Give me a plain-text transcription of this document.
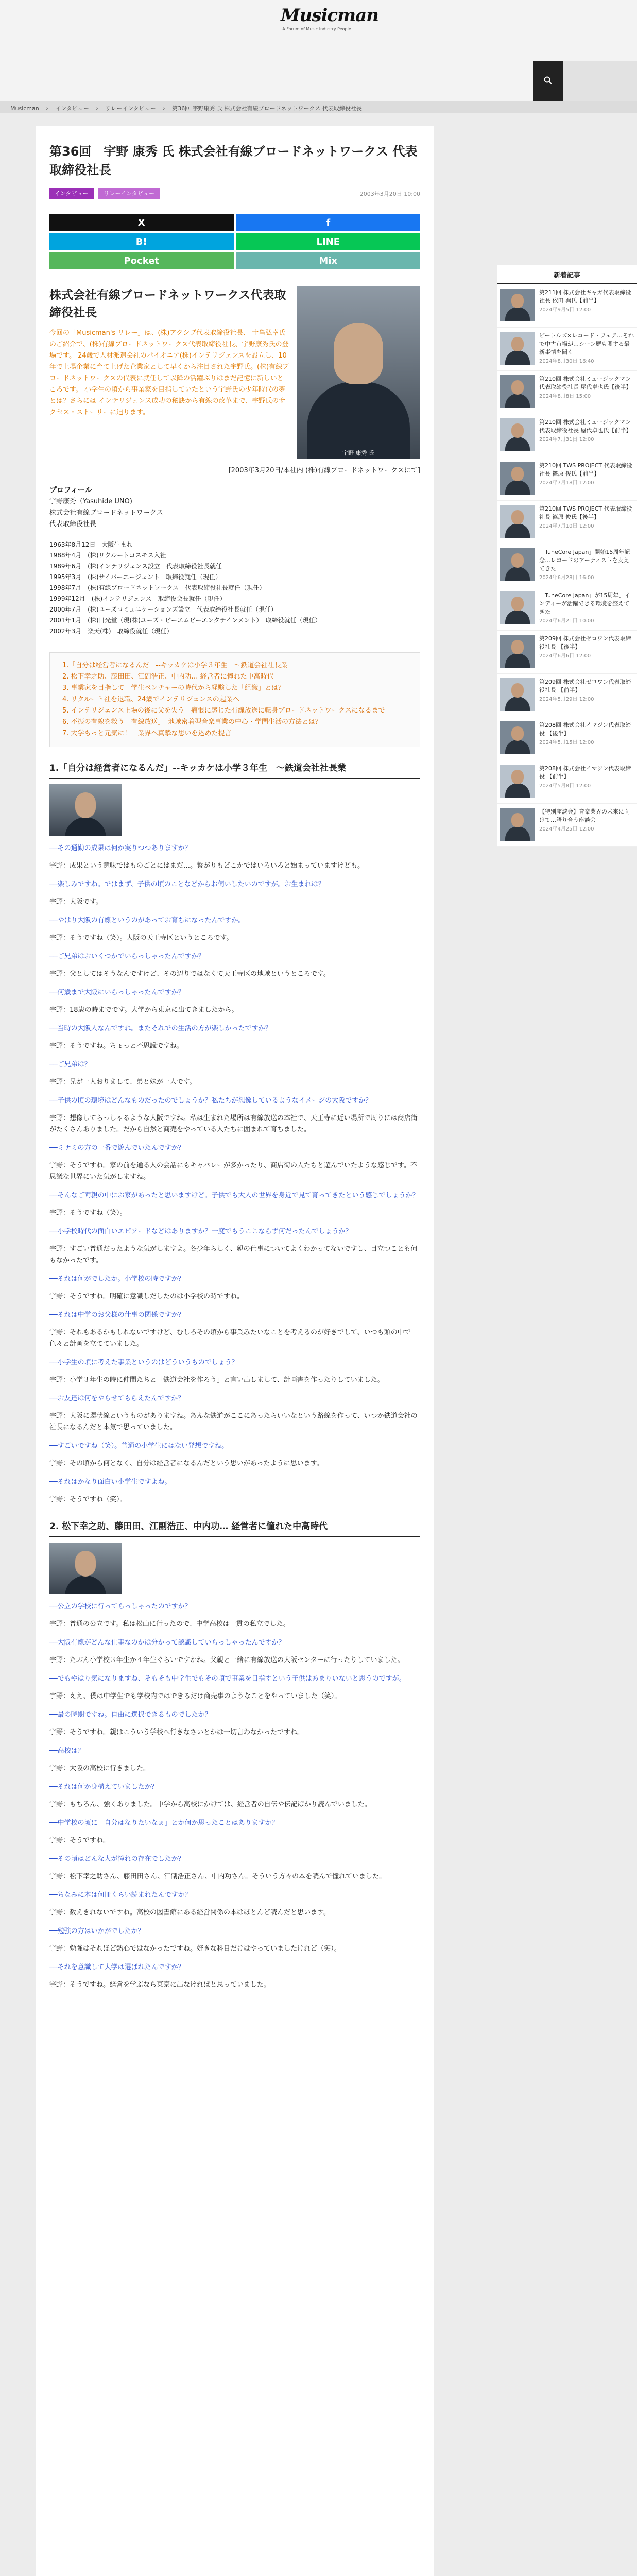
Musicman
A Forum of Music Industry People
Musicman › インタビュー › リレーインタビュー › 第36回 宇野康秀 氏 株式会社有線ブロードネットワークス 代表取締役社長
第36回　宇野 康秀 氏 株式会社有線ブロードネットワークス 代表取締役社長
インタビュー	リレーインタビュー	2003年3月20日 10:00
X	f
B!	LINE
Pocket	Mix
株式会社有線ブロードネットワークス代表取締役社長
今回の「Musicman's リレー」は、(株)アクシブ代表取締役社長、 十亀弘幸氏のご紹介で、(株)有線ブロードネットワークス代表取締役社長、宇野康秀氏の登場です。 24歳で人材派遣会社のパイオニア(株)インテリジェンスを設立し、10年で上場企業に育て上げた企業家として早くから注目された宇野氏。(株)有線ブロードネットワークスの代表に就任して以降の活躍ぶりはまだ記憶に新しいところです。 小学生の頃から事業家を目指していたという宇野氏の少年時代の夢とは？さらには インテリジェンス成功の秘訣から有線の改革まで、宇野氏のサクセス・ストーリーに迫ります。
宇野 康秀 氏
[2003年3月20日/本社内 (株)有線ブロードネットワークスにて]
プロフィール
宇野康秀（Yasuhide UNO)
株式会社有線ブロードネットワークス
代表取締役社長
1963年8月12日　大阪生まれ
1988年4月　(株)リクルートコスモス入社
1989年6月　(株)インテリジェンス設立　代表取締役社長就任
1995年3月　(株)サイバーエージェント　取締役就任（現任）
1998年7月　(株)有線ブロードネットワークス　代表取締役社長就任（現任）
1999年12月　(株)インテリジェンス　取締役会長就任（現任）
2000年7月　(株)ユーズコミュニケーションズ設立　代表取締役社長就任（現任）
2001年1月　(株)日光堂（現(株)ユーズ・ビーエムビーエンタテインメント）　取締役就任（現任）
2002年3月　楽天(株)　取締役就任（現任）
1.「自分は経営者になるんだ」--キッカケは小学３年生　～鉄道会社社長業
2. 松下幸之助、藤田田、江副浩正、中内功… 経営者に憧れた中高時代
3. 事業家を目指して　学生ベンチャーの時代から経験した「組織」とは？
4. リクルート社を退職、24歳でインテリジェンスの起業へ
5. インテリジェンス上場の後に父を失う　痛恨に感じた有線放送に転身ブロードネットワークスになるまで
6. 不振の有線を救う「有線放送」　地域密着型音楽事業の中心・学問生活の方法とは？
7. 大学もっと元気に！　業界へ真摯な思いを込めた提言
1.「自分は経営者になるんだ」--キッカケは小学３年生　～鉄道会社社長業
──その通勤の成果は何か実りつつありますか？
宇野：成果という意味ではものごとにはまだ…。繋がりもどこかではいろいろと始まっていますけども。
──楽しみですね。ではまず、子供の頃のことなどからお伺いしたいのですが。お生まれは？
宇野：大阪です。
──やはり大阪の有線というのがあってお育ちになったんですか。
宇野：そうですね（笑）。大阪の天王寺区というところです。
──ご兄弟はおいくつかでいらっしゃったんですか？
宇野：父としてはそうなんですけど、その辺りではなくて天王寺区の地域というところです。
──何歳まで大阪にいらっしゃったんですか？
宇野：18歳の時までです。大学から東京に出てきましたから。
──当時の大阪人なんですね。またそれでの生活の方が楽しかったですか？
宇野：そうですね。ちょっと不思議ですね。
──ご兄弟は？
宇野：兄が一人おりまして、弟と妹が一人です。
──子供の頃の環境はどんなものだったのでしょうか？私たちが想像しているようなイメージの大阪ですか？
宇野：想像してらっしゃるような大阪ですね。私は生まれた場所は有線放送の本社で、天王寺に近い場所で周りには商店街がたくさんありました。だから自然と商売をやっている人たちに囲まれて育ちました。
──ミナミの方の一番で遊んでいたんですか？
宇野：そうですね。家の前を通る人の会話にもキャバレーが多かったり、商店街の人たちと遊んでいたような感じです。不思議な世界にいた気がしますね。
──そんなご両親の中にお家があったと思いますけど。子供でも大人の世界を身近で見て育ってきたという感じでしょうか？
宇野：そうですね（笑）。
──小学校時代の面白いエピソードなどはありますか？一度でもうここならず何だったんでしょうか？
宇野：すごい普通だったような気がしますよ。各少年らしく、親の仕事についてよくわかってないですし、目立つことも何もなかったです。
──それは何がでしたか。小学校の時ですか？
宇野：そうですね。明確に意識しだしたのは小学校の時ですね。
──それは中学のお父様の仕事の関係ですか？
宇野：それもあるかもしれないですけど、むしろその頃から事業みたいなことを考えるのが好きでして、いつも頭の中で色々と計画を立てていました。
──小学生の頃に考えた事業というのはどういうものでしょう？
宇野：小学３年生の時に仲間たちと「鉄道会社を作ろう」と言い出しまして、計画書を作ったりしていました。
──お友達は何をやらせてもらえたんですか？
宇野：大阪に環状線というものがありますね。あんな鉄道がここにあったらいいなという路線を作って、いつか鉄道会社の社長になるんだと本気で思っていました。
──すごいですね（笑）。普通の小学生にはない発想ですね。
宇野：その頃から何となく、自分は経営者になるんだという思いがあったように思います。
──それはかなり面白い小学生ですよね。
宇野：そうですね（笑）。
2. 松下幸之助、藤田田、江副浩正、中内功… 経営者に憧れた中高時代
──公立の学校に行ってらっしゃったのですか？
宇野：普通の公立です。私は松山に行ったので、中学高校は一貫の私立でした。
──大阪有線がどんな仕事なのかは分かって認識していらっしゃったんですか？
宇野：たぶん小学校３年生か４年生ぐらいですかね。父親と一緒に有線放送の大阪センターに行ったりしていました。
──でもやはり気になりますね、そもそも中学生でもその頃で事業を目指すという子供はあまりいないと思うのですが。
宇野：ええ、僕は中学生でも学校内ではできるだけ商売事のようなことをやっていました（笑）。
──最の時期ですね。自由に選択できるものでしたか？
宇野：そうですね。親はこういう学校へ行きなさいとかは一切言わなかったですね。
──高校は？
宇野：大阪の高校に行きました。
──それは何か身構えていましたか？
宇野：もちろん、強くありました。中学から高校にかけては、経営者の自伝や伝記ばかり読んでいました。
──中学校の頃に「自分はなりたいなぁ」とか何か思ったことはありますか？
宇野：そうですね。
──その頃はどんな人が憧れの存在でしたか？
宇野：松下幸之助さん、藤田田さん、江副浩正さん、中内功さん。そういう方々の本を読んで憧れていました。
──ちなみに本は何冊くらい読まれたんですか？
宇野：数えきれないですね。高校の図書館にある経営関係の本はほとんど読んだと思います。
──勉強の方はいかがでしたか？
宇野：勉強はそれほど熱心ではなかったですね。好きな科目だけはやっていましたけれど（笑）。
──それを意識して大学は選ばれたんですか？
宇野：そうですね。経営を学ぶなら東京に出なければと思っていました。
新着記事
第211回 株式会社ギャガ代表取締役社長 依田 巽氏【前半】
2024年9月5日 12:00
ビートルズ×レコード・フェア…それで中古市場が…シーン歴も関する最新事情を聞く
2024年8月30日 16:40
第210回 株式会社ミュージックマン代表取締役社長 屋代卓也氏【後半】
2024年8月8日 15:00
第210回 株式会社ミュージックマン 代表取締役社長 屋代卓也氏【前半】
2024年7月31日 12:00
第210回 TWS PROJECT 代表取締役社長 篠原 俊氏【前半】
2024年7月18日 12:00
第210回 TWS PROJECT 代表取締役社長 篠原 俊氏【後半】
2024年7月10日 12:00
「TuneCore Japan」開始15周年記念…レコードのアーティストを支えてきた
2024年6月28日 16:00
「TuneCore Japan」が15周年、インディーが活躍できる環境を整えてきた
2024年6月21日 10:00
第209回 株式会社ゼロワン代表取締役社長 【後半】
2024年6月6日 12:00
第209回 株式会社ゼロワン代表取締役社長 【前半】
2024年5月29日 12:00
第208回 株式会社イマジン代表取締役 【後半】
2024年5月15日 12:00
第208回 株式会社イマジン代表取締役 【前半】
2024年5月8日 12:00
【特別座談会】音楽業界の未来に向けて…語り合う座談会
2024年4月25日 12:00
